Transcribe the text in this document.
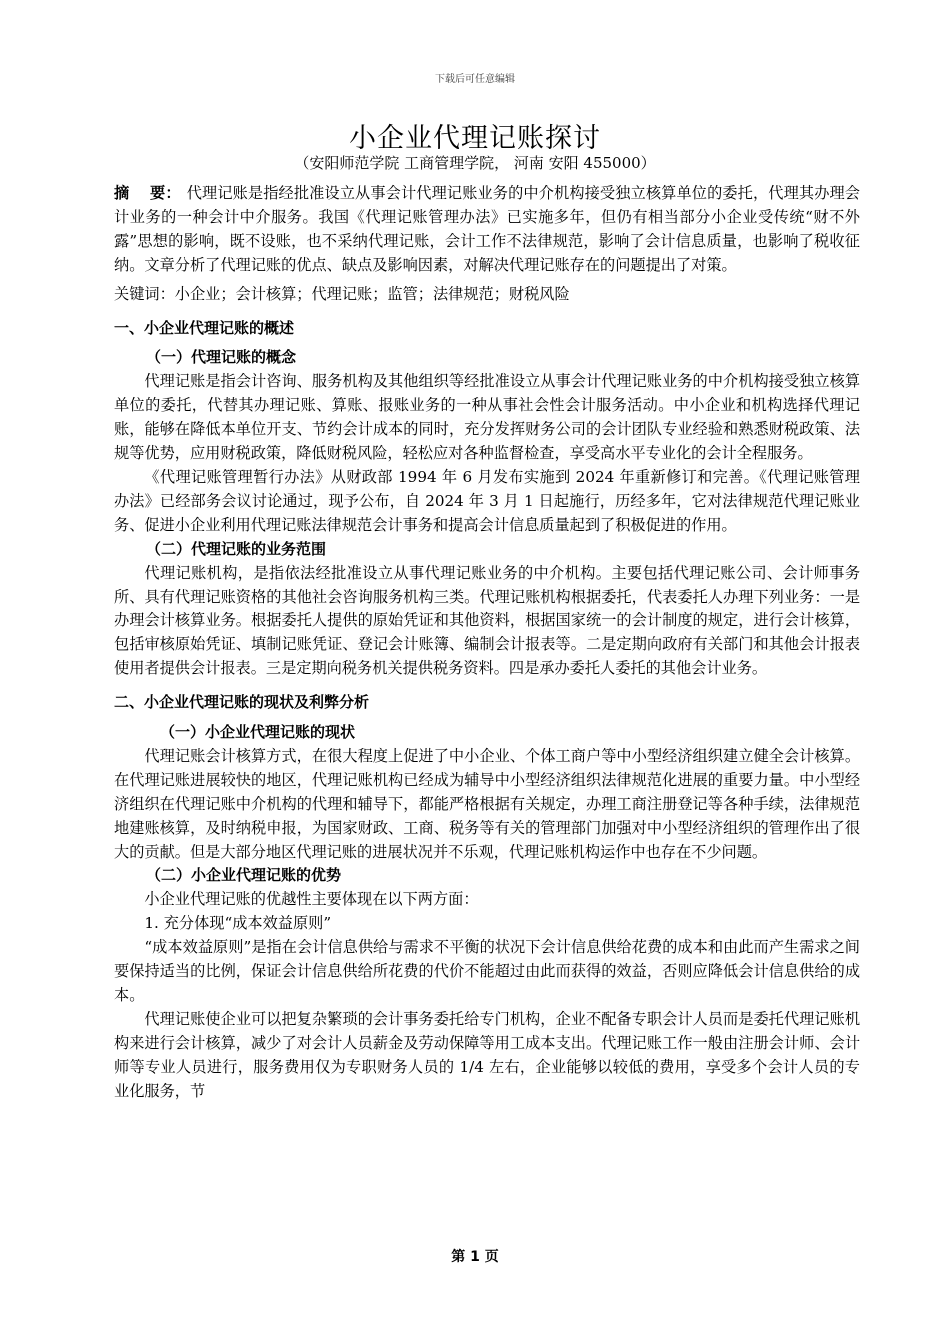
下载后可任意编辑
小企业代理记账探讨
（安阳师范学院 工商管理学院， 河南 安阳 455000）

摘　 要： 代理记账是指经批准设立从事会计代理记账业务的中介机构接受独立核算单位的委托，代理其办理会计业务的一种会计中介服务。我国《代理记账管理办法》已实施多年，但仍有相当部分小企业受传统“财不外露”思想的影响，既不设账，也不采纳代理记账，会计工作不法律规范，影响了会计信息质量，也影响了税收征纳。文章分析了代理记账的优点、缺点及影响因素，对解决代理记账存在的问题提出了对策。

关键词：小企业；会计核算；代理记账；监管；法律规范；财税风险

一、小企业代理记账的概述

（一）代理记账的概念

代理记账是指会计咨询、服务机构及其他组织等经批准设立从事会计代理记账业务的中介机构接受独立核算单位的委托，代替其办理记账、算账、报账业务的一种从事社会性会计服务活动。中小企业和机构选择代理记账，能够在降低本单位开支、节约会计成本的同时，充分发挥财务公司的会计团队专业经验和熟悉财税政策、法规等优势，应用财税政策，降低财税风险，轻松应对各种监督检查，享受高水平专业化的会计全程服务。

《代理记账管理暂行办法》从财政部 1994 年 6 月发布实施到 2024 年重新修订和完善。《代理记账管理办法》已经部务会议讨论通过，现予公布，自 2024 年 3 月 1 日起施行，历经多年，它对法律规范代理记账业务、促进小企业利用代理记账法律规范会计事务和提高会计信息质量起到了积极促进的作用。

（二）代理记账的业务范围

代理记账机构，是指依法经批准设立从事代理记账业务的中介机构。主要包括代理记账公司、会计师事务所、具有代理记账资格的其他社会咨询服务机构三类。代理记账机构根据委托，代表委托人办理下列业务：一是办理会计核算业务。根据委托人提供的原始凭证和其他资料，根据国家统一的会计制度的规定，进行会计核算，包括审核原始凭证、填制记账凭证、登记会计账簿、编制会计报表等。二是定期向政府有关部门和其他会计报表使用者提供会计报表。三是定期向税务机关提供税务资料。四是承办委托人委托的其他会计业务。

二、小企业代理记账的现状及利弊分析

（一）小企业代理记账的现状

代理记账会计核算方式，在很大程度上促进了中小企业、个体工商户等中小型经济组织建立健全会计核算。在代理记账进展较快的地区，代理记账机构已经成为辅导中小型经济组织法律规范化进展的重要力量。中小型经济组织在代理记账中介机构的代理和辅导下，都能严格根据有关规定，办理工商注册登记等各种手续，法律规范地建账核算，及时纳税申报，为国家财政、工商、税务等有关的管理部门加强对中小型经济组织的管理作出了很大的贡献。但是大部分地区代理记账的进展状况并不乐观，代理记账机构运作中也存在不少问题。

（二）小企业代理记账的优势

小企业代理记账的优越性主要体现在以下两方面：

1. 充分体现“成本效益原则”

“成本效益原则”是指在会计信息供给与需求不平衡的状况下会计信息供给花费的成本和由此而产生需求之间要保持适当的比例，保证会计信息供给所花费的代价不能超过由此而获得的效益，否则应降低会计信息供给的成本。

代理记账使企业可以把复杂繁琐的会计事务委托给专门机构，企业不配备专职会计人员而是委托代理记账机构来进行会计核算，减少了对会计人员薪金及劳动保障等用工成本支出。代理记账工作一般由注册会计师、会计师等专业人员进行，服务费用仅为专职财务人员的 1/4 左右，企业能够以较低的费用，享受多个会计人员的专业化服务，节

第 1 页
